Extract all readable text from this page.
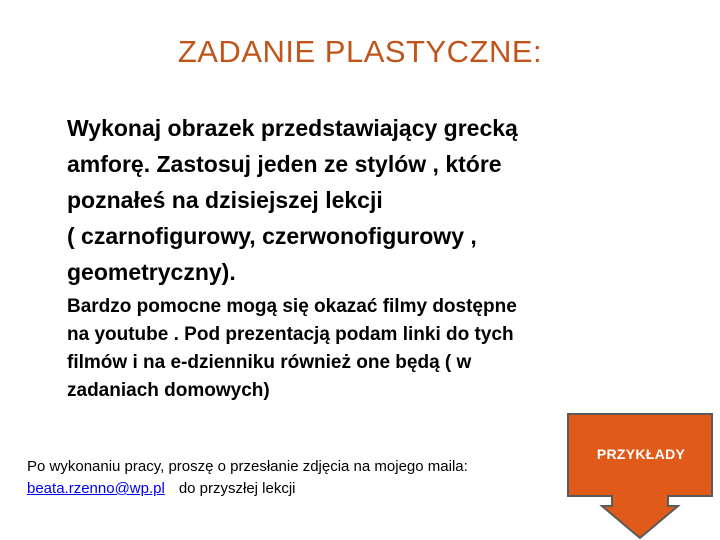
ZADANIE PLASTYCZNE:
Wykonaj obrazek przedstawiający grecką
amforę. Zastosuj jeden ze stylów , które
poznałeś na dzisiejszej lekcji
( czarnofigurowy, czerwonofigurowy ,
geometryczny).
Bardzo pomocne mogą się okazać filmy dostępne
na youtube . Pod prezentacją podam linki do tych
filmów i na e-dzienniku również one będą ( w
zadaniach domowych)
Po wykonaniu pracy, proszę o przesłanie zdjęcia na mojego maila:
beata.rzenno@wp.pl do przyszłej lekcji
PRZYKŁADY
